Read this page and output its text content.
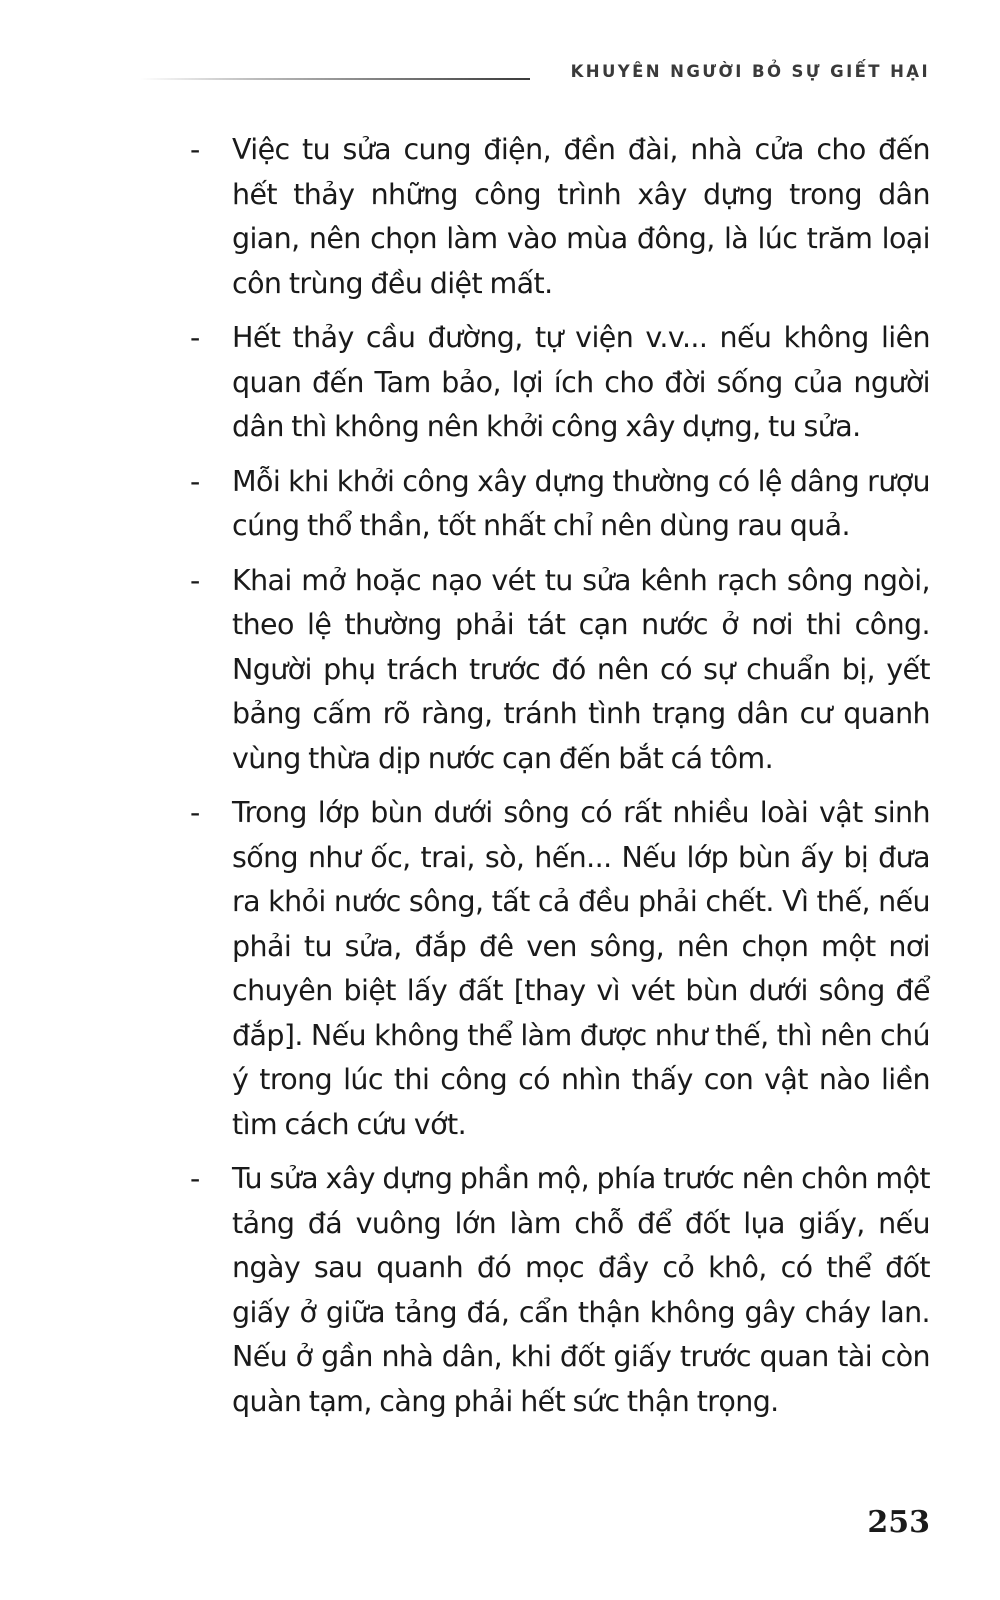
KHUYÊN NGƯỜI BỎ SỰ GIẾT HẠI
- Việc tu sửa cung điện, đền đài, nhà cửa cho đến hết thảy những công trình xây dựng trong dân gian, nên chọn làm vào mùa đông, là lúc trăm loại côn trùng đều diệt mất.

- Hết thảy cầu đường, tự viện v.v... nếu không liên quan đến Tam bảo, lợi ích cho đời sống của người dân thì không nên khởi công xây dựng, tu sửa.

- Mỗi khi khởi công xây dựng thường có lệ dâng rượu cúng thổ thần, tốt nhất chỉ nên dùng rau quả.

- Khai mở hoặc nạo vét tu sửa kênh rạch sông ngòi, theo lệ thường phải tát cạn nước ở nơi thi công. Người phụ trách trước đó nên có sự chuẩn bị, yết bảng cấm rõ ràng, tránh tình trạng dân cư quanh vùng thừa dịp nước cạn đến bắt cá tôm.

- Trong lớp bùn dưới sông có rất nhiều loài vật sinh sống như ốc, trai, sò, hến... Nếu lớp bùn ấy bị đưa ra khỏi nước sông, tất cả đều phải chết. Vì thế, nếu phải tu sửa, đắp đê ven sông, nên chọn một nơi chuyên biệt lấy đất [thay vì vét bùn dưới sông để đắp]. Nếu không thể làm được như thế, thì nên chú ý trong lúc thi công có nhìn thấy con vật nào liền tìm cách cứu vớt.

- Tu sửa xây dựng phần mộ, phía trước nên chôn một tảng đá vuông lớn làm chỗ để đốt lụa giấy, nếu ngày sau quanh đó mọc đầy cỏ khô, có thể đốt giấy ở giữa tảng đá, cẩn thận không gây cháy lan. Nếu ở gần nhà dân, khi đốt giấy trước quan tài còn quàn tạm, càng phải hết sức thận trọng.

253
